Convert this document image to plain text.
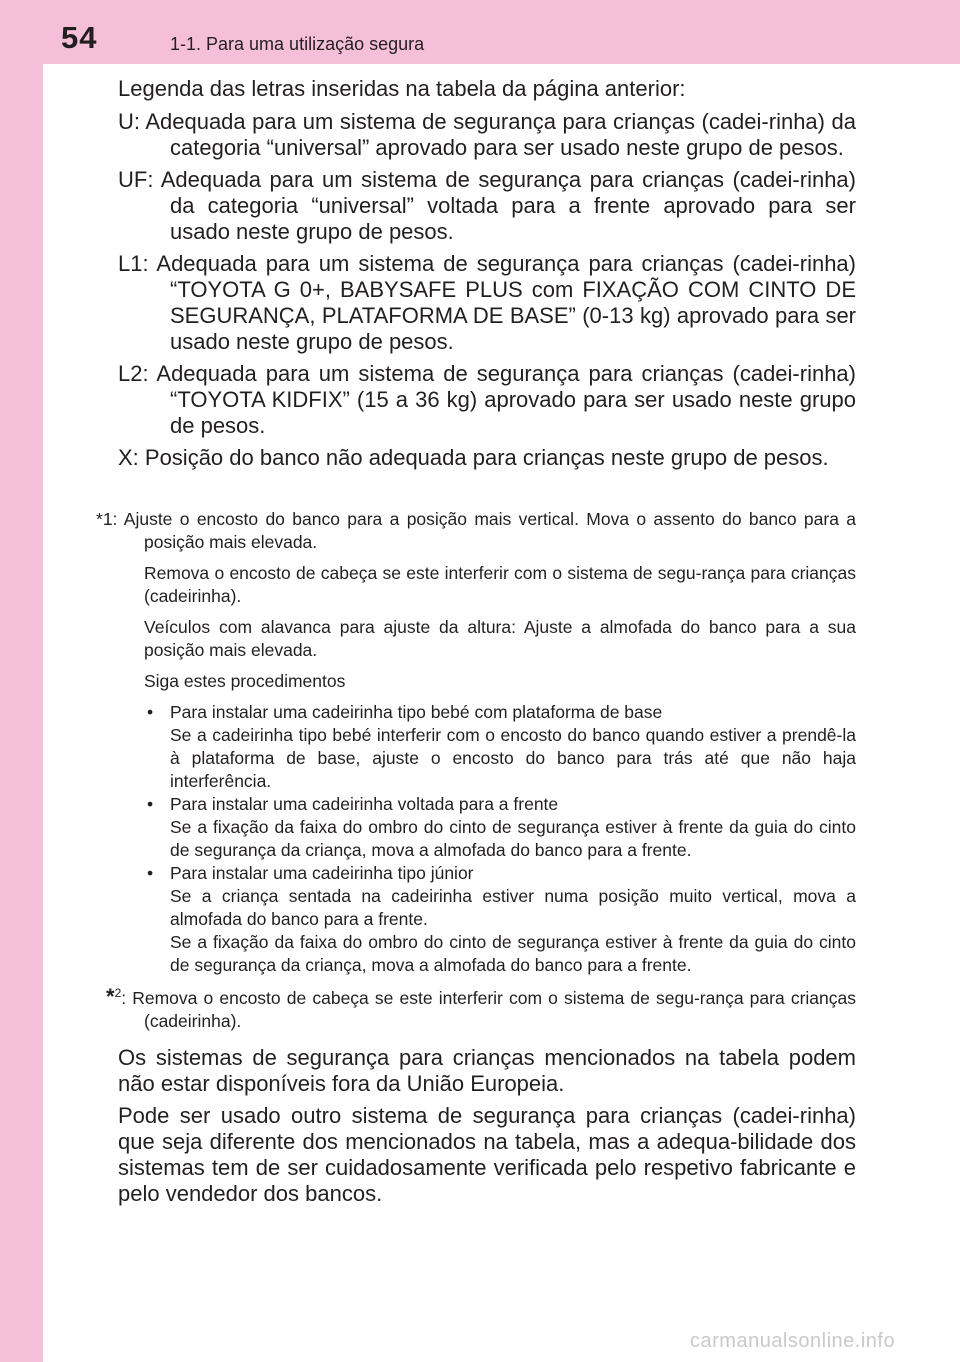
54	1-1. Para uma utilização segura

Legenda das letras inseridas na tabela da página anterior:

U: Adequada para um sistema de segurança para crianças (cadei-rinha) da categoria “universal” aprovado para ser usado neste grupo de pesos.

UF: Adequada para um sistema de segurança para crianças (cadei-rinha) da categoria “universal” voltada para a frente aprovado para ser usado neste grupo de pesos.

L1: Adequada para um sistema de segurança para crianças (cadei-rinha) “TOYOTA G 0+, BABYSAFE PLUS com FIXAÇÃO COM CINTO DE SEGURANÇA, PLATAFORMA DE BASE” (0-13 kg) aprovado para ser usado neste grupo de pesos.

L2: Adequada para um sistema de segurança para crianças (cadei-rinha) “TOYOTA KIDFIX” (15 a 36 kg) aprovado para ser usado neste grupo de pesos.

X: Posição do banco não adequada para crianças neste grupo de pesos.

*1: Ajuste o encosto do banco para a posição mais vertical. Mova o assento do banco para a posição mais elevada.

Remova o encosto de cabeça se este interferir com o sistema de segu-rança para crianças (cadeirinha).

Veículos com alavanca para ajuste da altura: Ajuste a almofada do banco para a sua posição mais elevada.

Siga estes procedimentos

• Para instalar uma cadeirinha tipo bebé com plataforma de base
Se a cadeirinha tipo bebé interferir com o encosto do banco quando estiver a prendê-la à plataforma de base, ajuste o encosto do banco para trás até que não haja interferência.
• Para instalar uma cadeirinha voltada para a frente
Se a fixação da faixa do ombro do cinto de segurança estiver à frente da guia do cinto de segurança da criança, mova a almofada do banco para a frente.
• Para instalar uma cadeirinha tipo júnior
Se a criança sentada na cadeirinha estiver numa posição muito vertical, mova a almofada do banco para a frente.
Se a fixação da faixa do ombro do cinto de segurança estiver à frente da guia do cinto de segurança da criança, mova a almofada do banco para a frente.

*$^2$: Remova o encosto de cabeça se este interferir com o sistema de segu-rança para crianças (cadeirinha).

Os sistemas de segurança para crianças mencionados na tabela podem não estar disponíveis fora da União Europeia.

Pode ser usado outro sistema de segurança para crianças (cadei-rinha) que seja diferente dos mencionados na tabela, mas a adequa-bilidade dos sistemas tem de ser cuidadosamente verificada pelo respetivo fabricante e pelo vendedor dos bancos.

carmanualsonline.info
